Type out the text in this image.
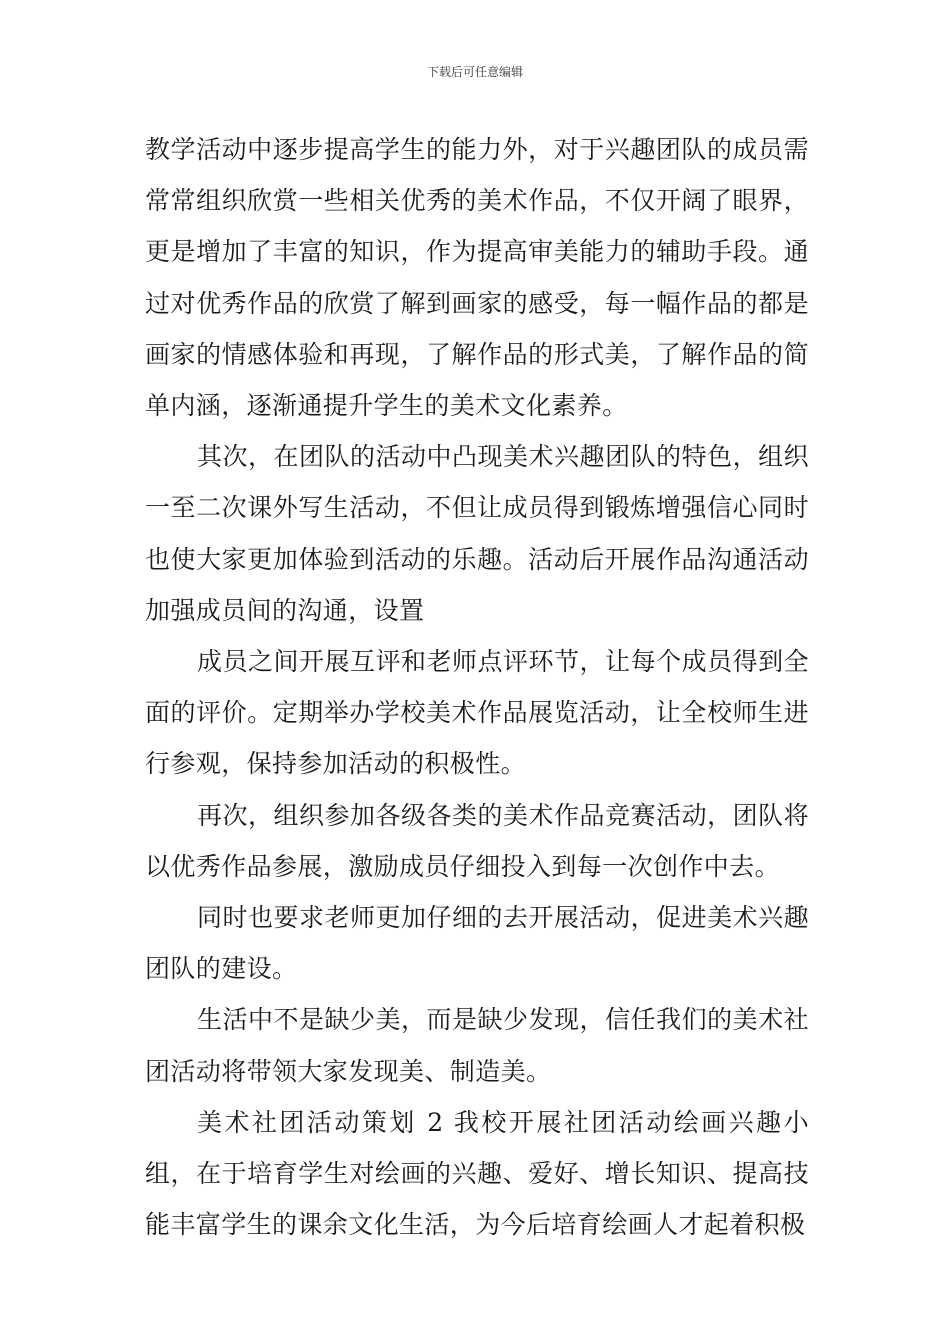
下载后可任意编辑

教学活动中逐步提高学生的能力外，对于兴趣团队的成员需常常组织欣赏一些相关优秀的美术作品，不仅开阔了眼界，更是增加了丰富的知识，作为提高审美能力的辅助手段。通过对优秀作品的欣赏了解到画家的感受，每一幅作品的都是画家的情感体验和再现，了解作品的形式美，了解作品的简单内涵，逐渐通提升学生的美术文化素养。

其次，在团队的活动中凸现美术兴趣团队的特色，组织一至二次课外写生活动，不但让成员得到锻炼增强信心同时也使大家更加体验到活动的乐趣。活动后开展作品沟通活动加强成员间的沟通，设置

成员之间开展互评和老师点评环节，让每个成员得到全面的评价。定期举办学校美术作品展览活动，让全校师生进行参观，保持参加活动的积极性。

再次，组织参加各级各类的美术作品竞赛活动，团队将以优秀作品参展，激励成员仔细投入到每一次创作中去。

同时也要求老师更加仔细的去开展活动，促进美术兴趣团队的建设。

生活中不是缺少美，而是缺少发现，信任我们的美术社团活动将带领大家发现美、制造美。

美术社团活动策划 2 我校开展社团活动绘画兴趣小组，在于培育学生对绘画的兴趣、爱好、增长知识、提高技能丰富学生的课余文化生活，为今后培育绘画人才起着积极
